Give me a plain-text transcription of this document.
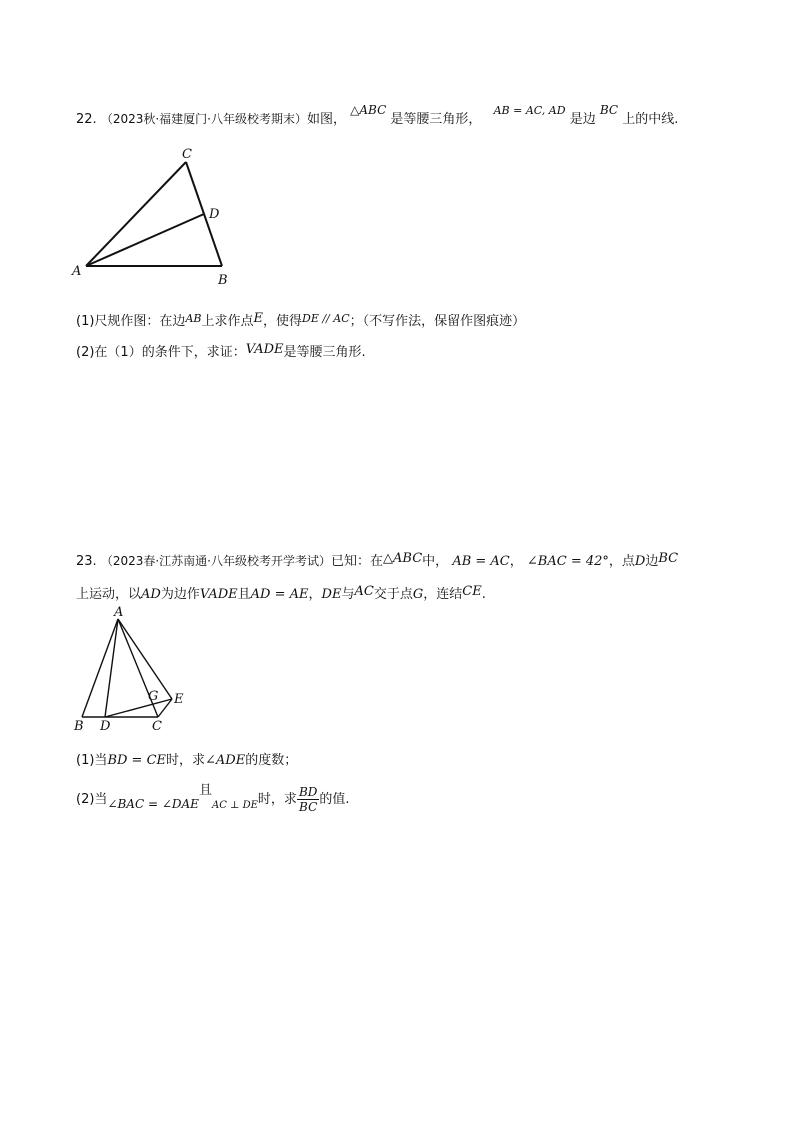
22. （2023秋·福建厦门·八年级校考期末）如图， △ABC 是等腰三角形， $^{AB = AC, AD}$ 是边 BC 上的中线.
C
D
A
B
(1)尺规作图：在边$^{AB}$上求作点E，使得$^{DE // AC}$；（不写作法，保留作图痕迹）
(2)在（1）的条件下，求证：VADE是等腰三角形.
23. （2023春·江苏南通·八年级校考开学考试）已知：在△ABC中， AB = AC， ∠BAC = 42°，点D边BC
上运动，以AD为边作VADE且AD = AE，DE与AC交于点G，连结CE.
A
B D	C
G E
(1)当BD = CE时，求∠ADE的度数；
(2)当∠BAC = ∠DAE且$_{AC \perp DE}$时，求 $\frac{BD}{BC}$ 的值.
